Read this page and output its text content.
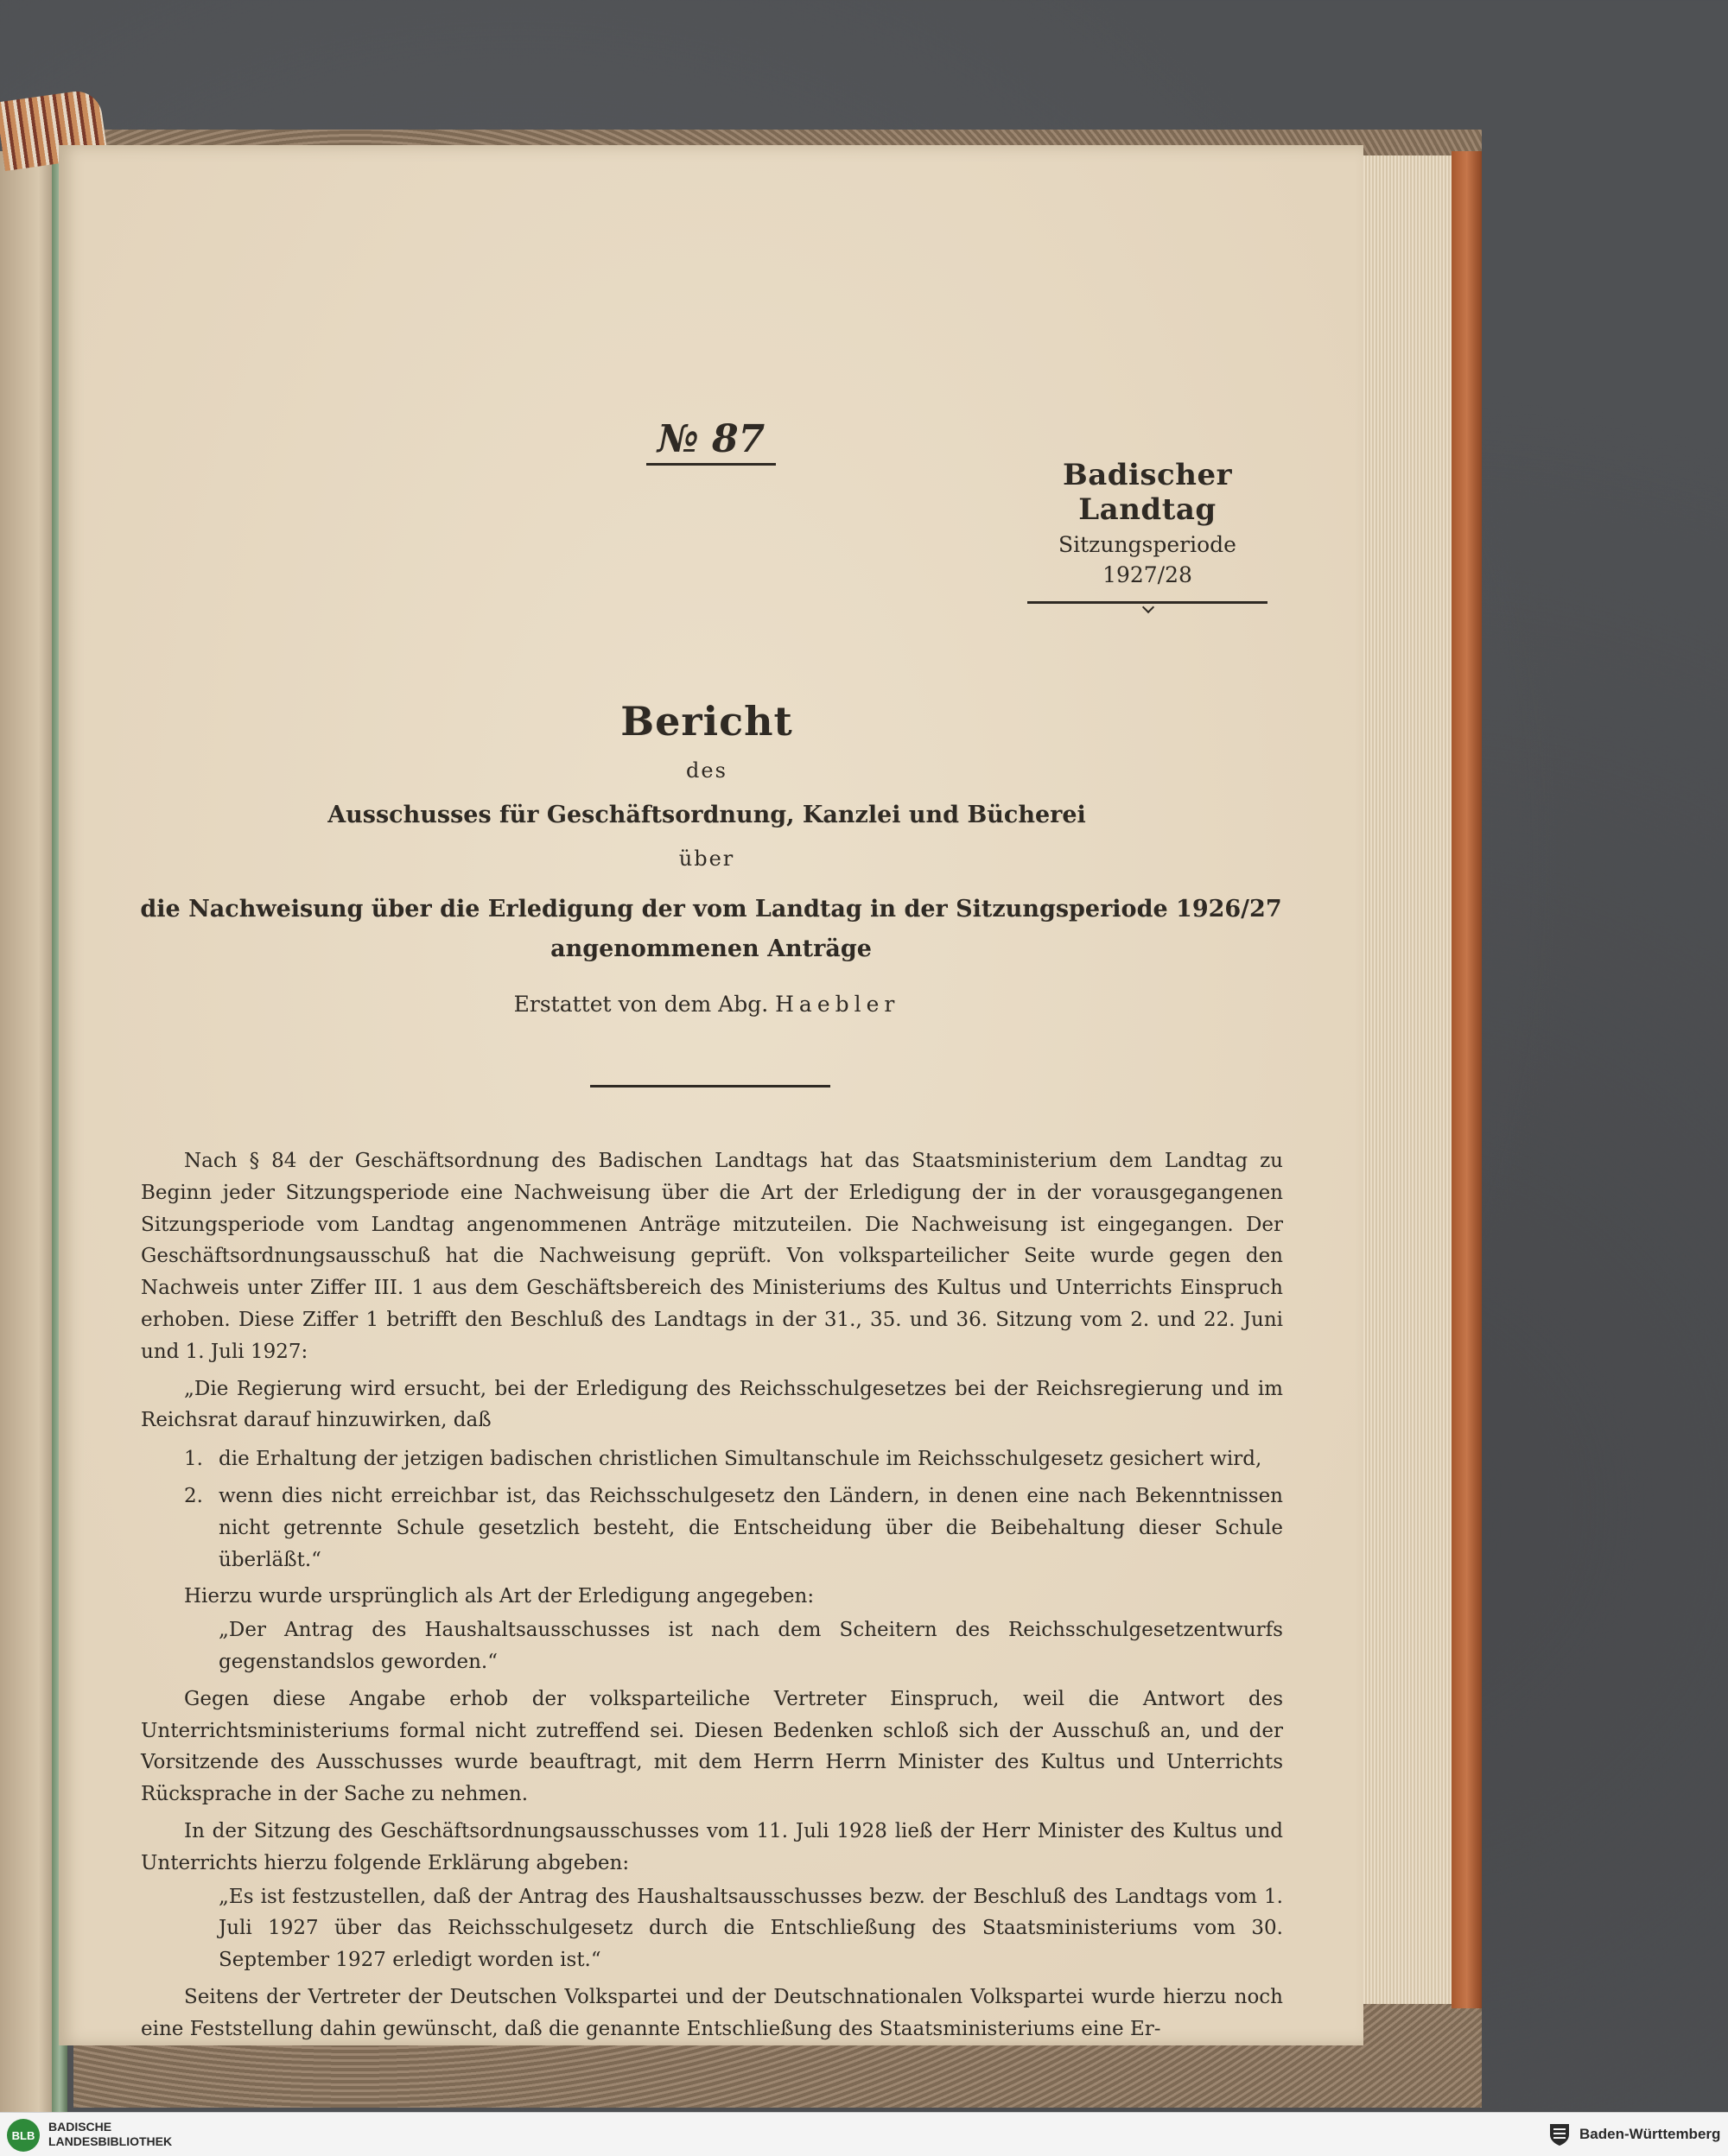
№ 87
Badischer Landtag
Sitzungsperiode
1927/28
Bericht
des
Ausschusses für Geschäftsordnung, Kanzlei und Bücherei
über
die Nachweisung über die Erledigung der vom Landtag in der Sitzungsperiode 1926/27 angenommenen Anträge
Erstattet von dem Abg. Haebler

Nach § 84 der Geschäftsordnung des Badischen Landtags hat das Staatsministerium dem Landtag zu Beginn jeder Sitzungsperiode eine Nachweisung über die Art der Erledigung der in der vorausgegangenen Sitzungsperiode vom Landtag angenommenen Anträge mitzuteilen. Die Nachweisung ist eingegangen. Der Geschäftsordnungsausschuß hat die Nachweisung geprüft. Von volksparteilicher Seite wurde gegen den Nachweis unter Ziffer III. 1 aus dem Geschäftsbereich des Ministeriums des Kultus und Unterrichts Einspruch erhoben. Diese Ziffer 1 betrifft den Beschluß des Landtags in der 31., 35. und 36. Sitzung vom 2. und 22. Juni und 1. Juli 1927:

„Die Regierung wird ersucht, bei der Erledigung des Reichsschulgesetzes bei der Reichsregierung und im Reichsrat darauf hinzuwirken, daß

1. die Erhaltung der jetzigen badischen christlichen Simultanschule im Reichsschulgesetz gesichert wird,
2. wenn dies nicht erreichbar ist, das Reichsschulgesetz den Ländern, in denen eine nach Bekenntnissen nicht getrennte Schule gesetzlich besteht, die Entscheidung über die Beibehaltung dieser Schule überläßt.“

Hierzu wurde ursprünglich als Art der Erledigung angegeben:

„Der Antrag des Haushaltsausschusses ist nach dem Scheitern des Reichsschulgesetzentwurfs gegenstandslos geworden.“

Gegen diese Angabe erhob der volksparteiliche Vertreter Einspruch, weil die Antwort des Unterrichtsministeriums formal nicht zutreffend sei. Diesen Bedenken schloß sich der Ausschuß an, und der Vorsitzende des Ausschusses wurde beauftragt, mit dem Herrn Herrn Minister des Kultus und Unterrichts Rücksprache in der Sache zu nehmen.

In der Sitzung des Geschäftsordnungsausschusses vom 11. Juli 1928 ließ der Herr Minister des Kultus und Unterrichts hierzu folgende Erklärung abgeben:

„Es ist festzustellen, daß der Antrag des Haushaltsausschusses bezw. der Beschluß des Landtags vom 1. Juli 1927 über das Reichsschulgesetz durch die Entschließung des Staatsministeriums vom 30. September 1927 erledigt worden ist.“

Seitens der Vertreter der Deutschen Volkspartei und der Deutschnationalen Volkspartei wurde hierzu noch eine Feststellung dahin gewünscht, daß die genannte Entschließung des Staatsministeriums eine Er-

BLB
BADISCHE
LANDESBIBLIOTHEK	Baden-Württemberg
